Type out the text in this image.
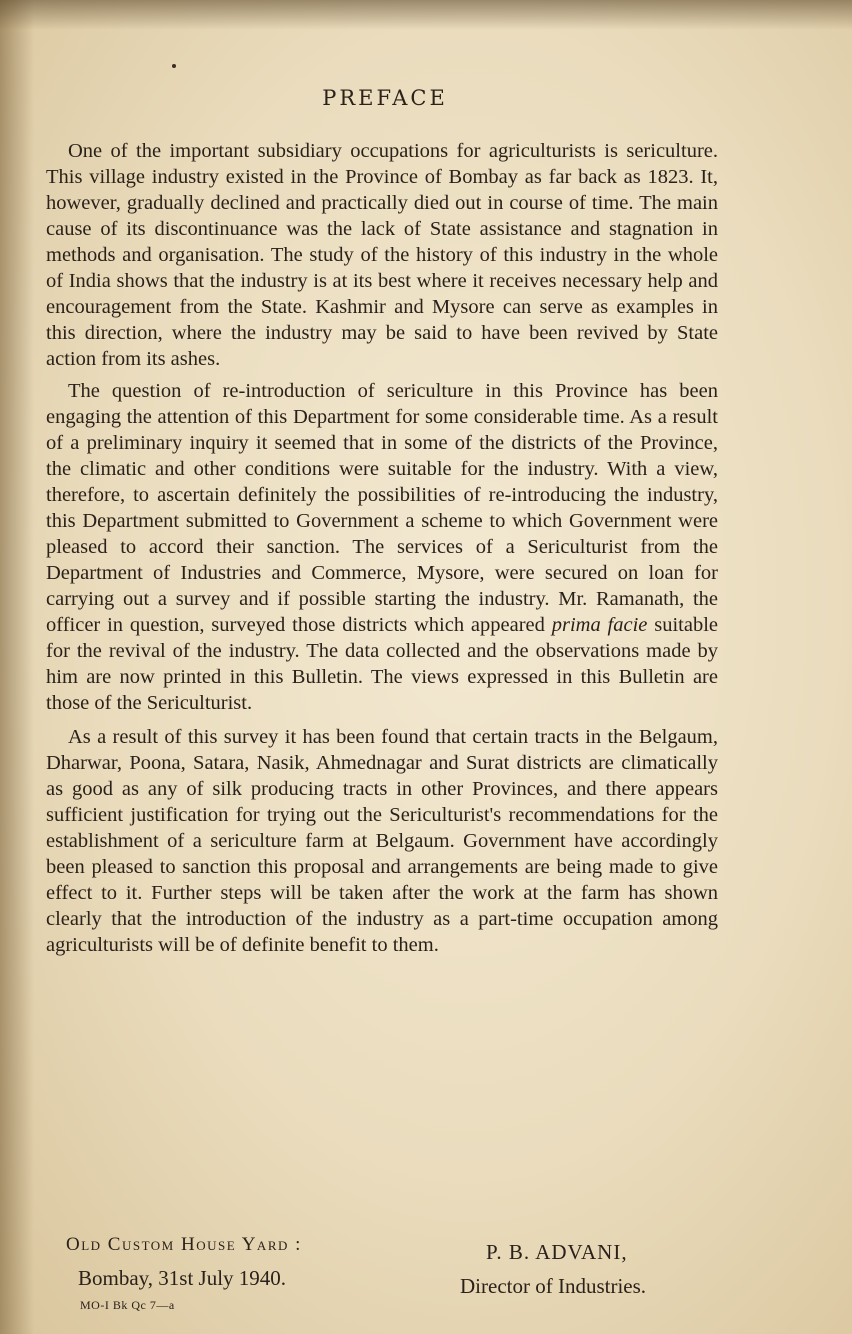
PREFACE

One of the important subsidiary occupations for agriculturists is sericulture. This village industry existed in the Province of Bombay as far back as 1823. It, however, gradually declined and practically died out in course of time. The main cause of its discontinuance was the lack of State assistance and stagnation in methods and organisation. The study of the history of this industry in the whole of India shows that the industry is at its best where it receives necessary help and encouragement from the State. Kashmir and Mysore can serve as examples in this direction, where the industry may be said to have been revived by State action from its ashes.

The question of re-introduction of sericulture in this Province has been engaging the attention of this Department for some considerable time. As a result of a preliminary inquiry it seemed that in some of the districts of the Province, the climatic and other conditions were suitable for the industry. With a view, therefore, to ascertain definitely the possibilities of re-introducing the industry, this Department submitted to Government a scheme to which Government were pleased to accord their sanction. The services of a Sericulturist from the Department of Industries and Commerce, Mysore, were secured on loan for carrying out a survey and if possible starting the industry. Mr. Ramanath, the officer in question, surveyed those districts which appeared prima facie suitable for the revival of the industry. The data collected and the observations made by him are now printed in this Bulletin. The views expressed in this Bulletin are those of the Sericulturist.

As a result of this survey it has been found that certain tracts in the Belgaum, Dharwar, Poona, Satara, Nasik, Ahmednagar and Surat districts are climatically as good as any of silk producing tracts in other Provinces, and there appears sufficient justification for trying out the Sericulturist's recommendations for the establishment of a sericulture farm at Belgaum. Government have accordingly been pleased to sanction this proposal and arrangements are being made to give effect to it. Further steps will be taken after the work at the farm has shown clearly that the introduction of the industry as a part-time occupation among agriculturists will be of definite benefit to them.

Old Custom House Yard :
Bombay, 31st July 1940.
P. B. ADVANI,
Director of Industries.
MO-I Bk Qc 7—a
